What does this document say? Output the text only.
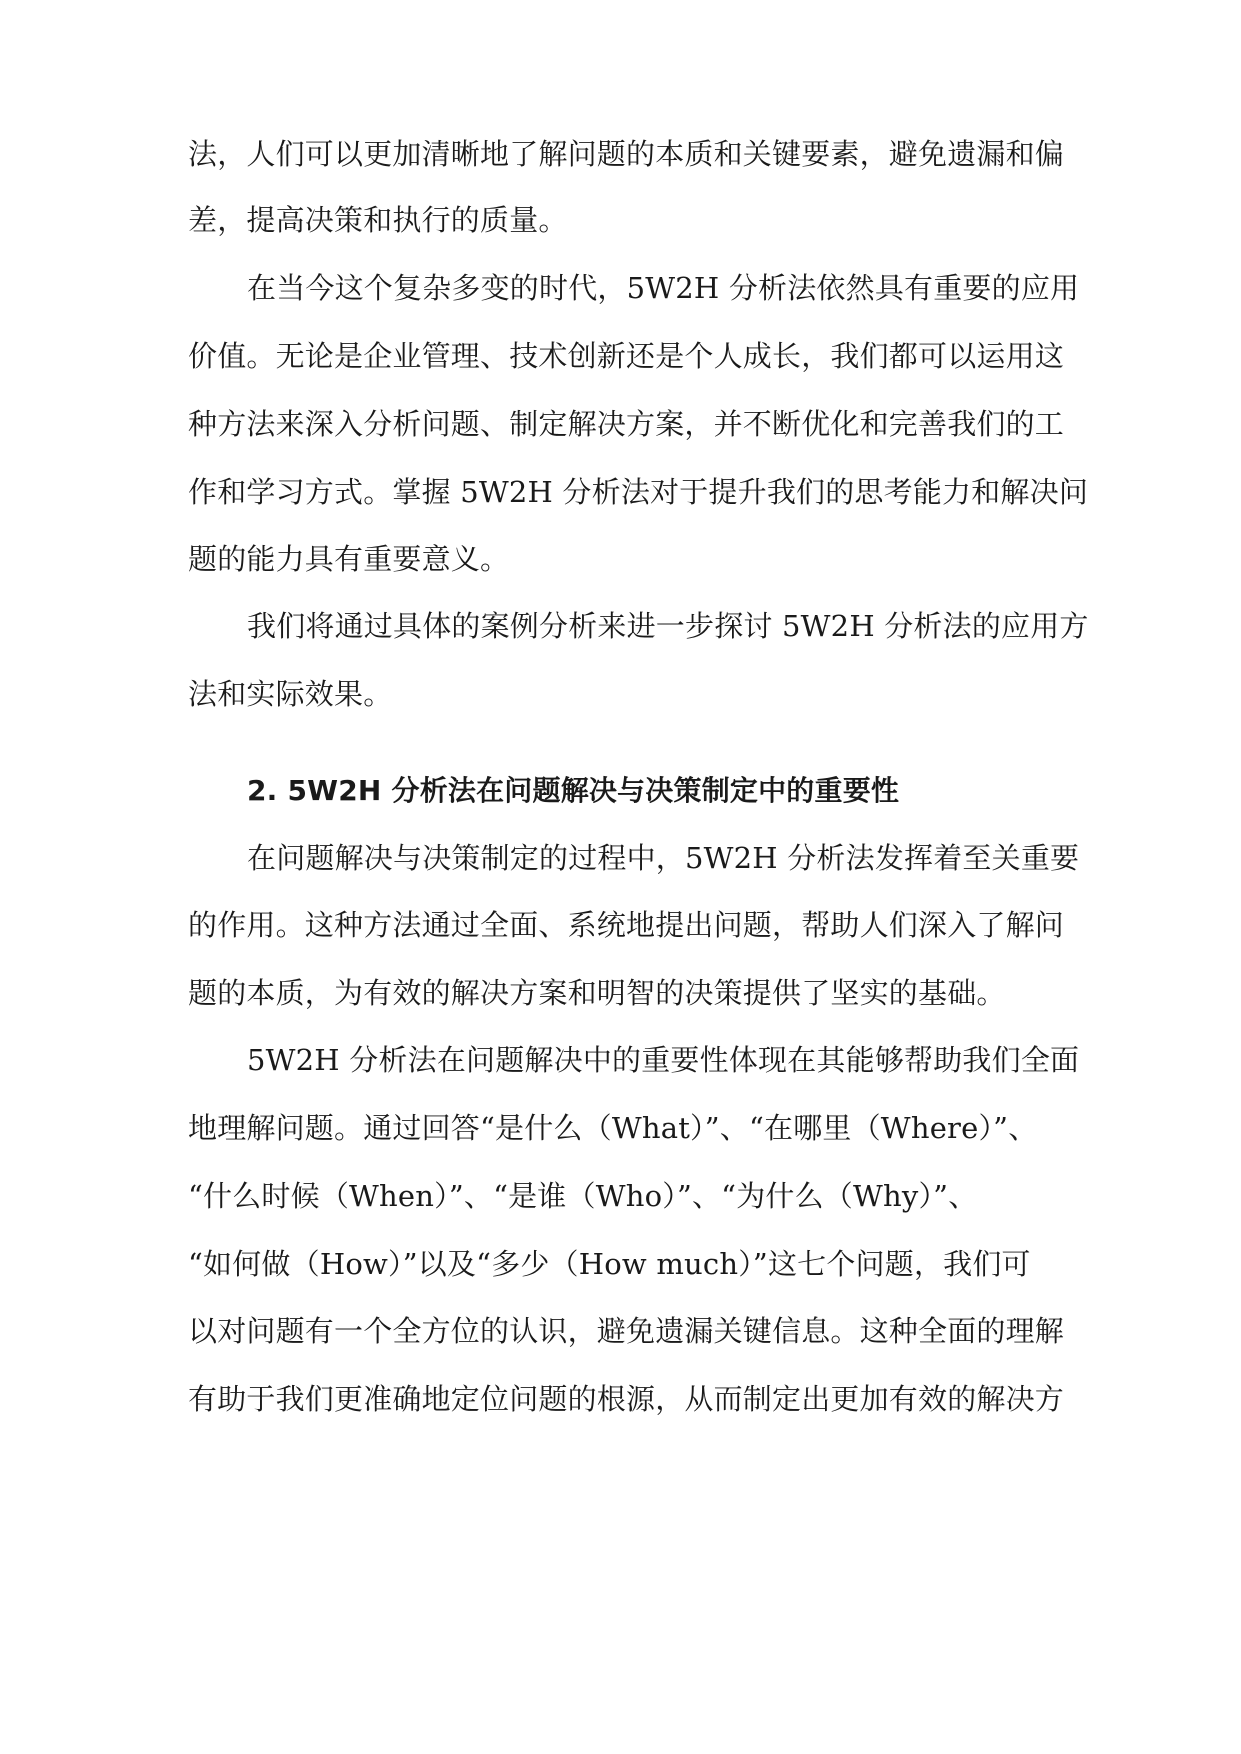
法，人们可以更加清晰地了解问题的本质和关键要素，避免遗漏和偏
差，提高决策和执行的质量。
在当今这个复杂多变的时代，5W2H 分析法依然具有重要的应用
价值。无论是企业管理、技术创新还是个人成长，我们都可以运用这
种方法来深入分析问题、制定解决方案，并不断优化和完善我们的工
作和学习方式。掌握 5W2H 分析法对于提升我们的思考能力和解决问
题的能力具有重要意义。
我们将通过具体的案例分析来进一步探讨 5W2H 分析法的应用方
法和实际效果。
2. 5W2H 分析法在问题解决与决策制定中的重要性
在问题解决与决策制定的过程中，5W2H 分析法发挥着至关重要
的作用。这种方法通过全面、系统地提出问题，帮助人们深入了解问
题的本质，为有效的解决方案和明智的决策提供了坚实的基础。
5W2H 分析法在问题解决中的重要性体现在其能够帮助我们全面
地理解问题。通过回答“是什么（What）”、“在哪里（Where）”、
“什么时候（When）”、“是谁（Who）”、“为什么（Why）”、
“如何做（How）”以及“多少（How much）”这七个问题，我们可
以对问题有一个全方位的认识，避免遗漏关键信息。这种全面的理解
有助于我们更准确地定位问题的根源，从而制定出更加有效的解决方
